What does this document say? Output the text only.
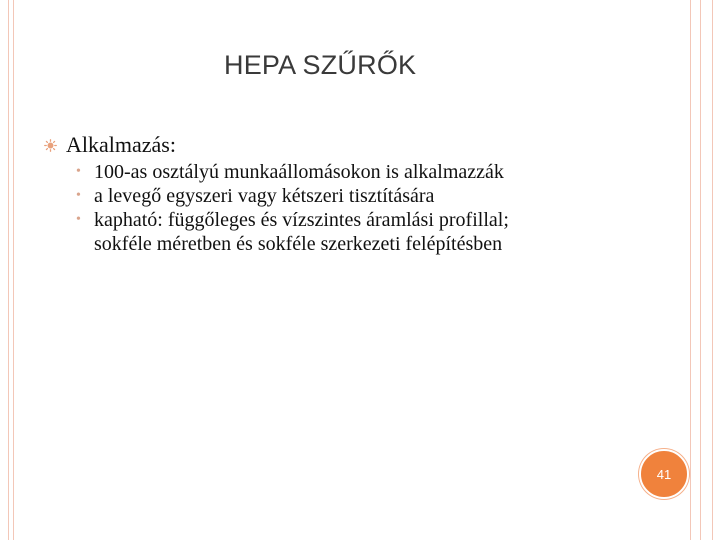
HEPA SZŰRŐK
Alkalmazás:
• 100-as osztályú munkaállomásokon is alkalmazzák
• a levegő egyszeri vagy kétszeri tisztítására
• kapható: függőleges és vízszintes áramlási profillal;
sokféle méretben és sokféle szerkezeti felépítésben
41
